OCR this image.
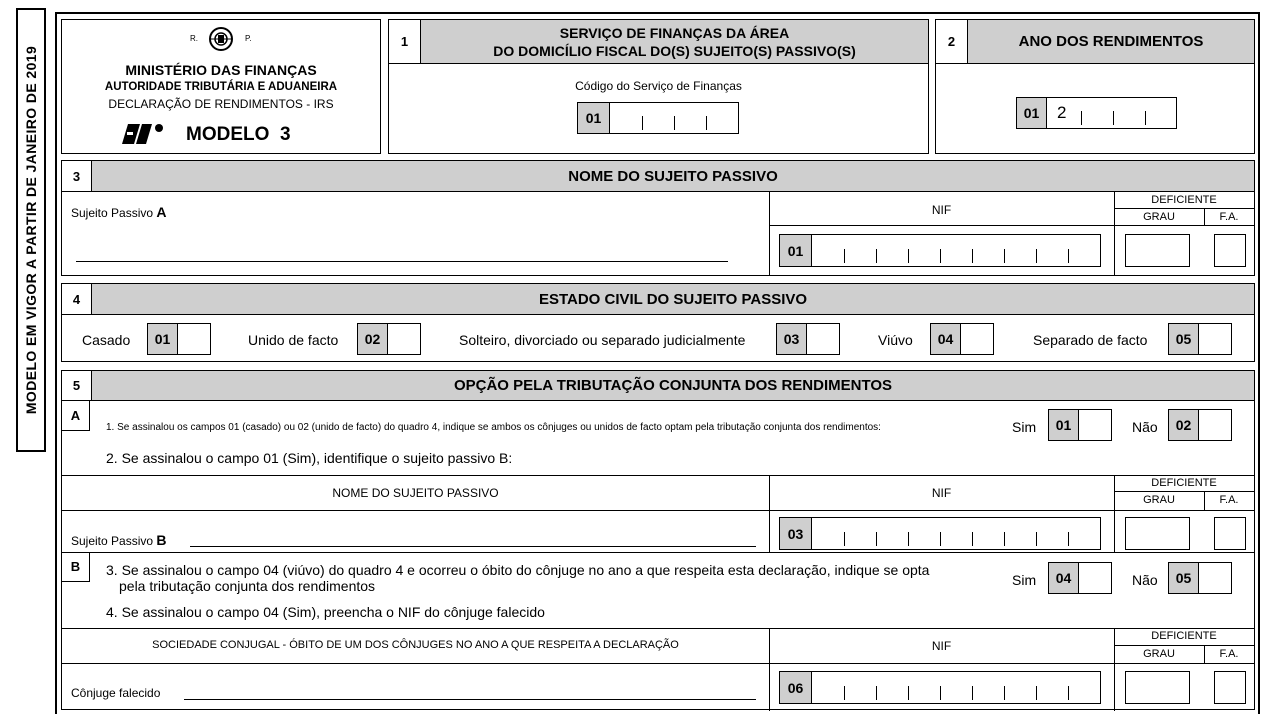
MODELO EM VIGOR A PARTIR DE JANEIRO DE 2019
R.	P.
MINISTÉRIO DAS FINANÇAS
AUTORIDADE TRIBUTÁRIA E ADUANEIRA
DECLARAÇÃO DE RENDIMENTOS - IRS
MODELO  3
1
SERVIÇO DE FINANÇAS DA ÁREA
DO DOMICÍLIO FISCAL DO(S) SUJEITO(S) PASSIVO(S)
Código do Serviço de Finanças
01
2	ANO DOS RENDIMENTOS
01	2
3	NOME DO SUJEITO PASSIVO
Sujeito Passivo A	NIF
DEFICIENTE
GRAU	F.A.
01
4	ESTADO CIVIL DO SUJEITO PASSIVO
Casado	01	Unido de facto	02	Solteiro, divorciado ou separado judicialmente	03	Viúvo	04	Separado de facto	05
5	OPÇÃO PELA TRIBUTAÇÃO CONJUNTA DOS RENDIMENTOS
A
1. Se assinalou os campos 01 (casado) ou 02 (unido de facto) do quadro 4, indique se ambos os cônjuges ou unidos de facto optam pela tributação conjunta dos rendimentos:	Sim	01	Não	02
2. Se assinalou o campo 01 (Sim), identifique o sujeito passivo B:
NOME DO SUJEITO PASSIVO	NIF
DEFICIENTE
GRAU	F.A.
Sujeito Passivo B	03
B	3. Se assinalou o campo 04 (viúvo) do quadro 4 e ocorreu o óbito do cônjuge no ano a que respeita esta declaração, indique se opta
pela tributação conjunta dos rendimentos	Sim	04	Não	05
4. Se assinalou o campo 04 (Sim), preencha o NIF do cônjuge falecido
SOCIEDADE CONJUGAL - ÓBITO DE UM DOS CÔNJUGES NO ANO A QUE RESPEITA A DECLARAÇÃO	NIF
DEFICIENTE
GRAU	F.A.
Cônjuge falecido	06
